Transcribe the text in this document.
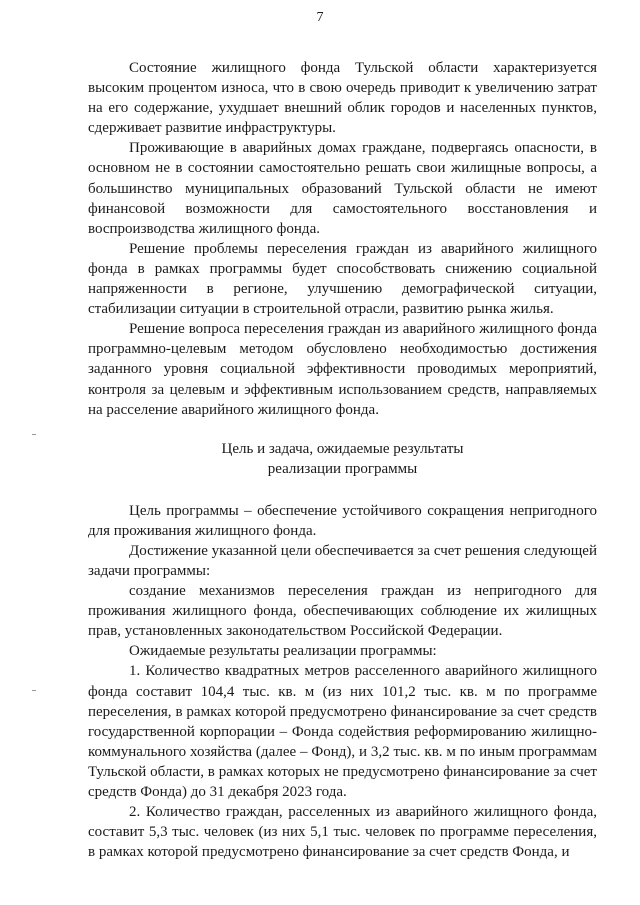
7

Состояние жилищного фонда Тульской области характеризуется высоким процентом износа, что в свою очередь приводит к увеличению затрат на его содержание, ухудшает внешний облик городов и населенных пунктов, сдерживает развитие инфраструктуры.

Проживающие в аварийных домах граждане, подвергаясь опасности, в основном не в состоянии самостоятельно решать свои жилищные вопросы, а большинство муниципальных образований Тульской области не имеют финансовой возможности для самостоятельного восстановления и воспроизводства жилищного фонда.

Решение проблемы переселения граждан из аварийного жилищного фонда в рамках программы будет способствовать снижению социальной напряженности в регионе, улучшению демографической ситуации, стабилизации ситуации в строительной отрасли, развитию рынка жилья.

Решение вопроса переселения граждан из аварийного жилищного фонда программно-целевым методом обусловлено необходимостью достижения заданного уровня социальной эффективности проводимых мероприятий, контроля за целевым и эффективным использованием средств, направляемых на расселение аварийного жилищного фонда.

Цель и задача, ожидаемые результаты
реализации программы

Цель программы – обеспечение устойчивого сокращения непригодного для проживания жилищного фонда.

Достижение указанной цели обеспечивается за счет решения следующей задачи программы:

создание механизмов переселения граждан из непригодного для проживания жилищного фонда, обеспечивающих соблюдение их жилищных прав, установленных законодательством Российской Федерации.

Ожидаемые результаты реализации программы:

1. Количество квадратных метров расселенного аварийного жилищного фонда составит 104,4 тыс. кв. м (из них 101,2 тыс. кв. м по программе переселения, в рамках которой предусмотрено финансирование за счет средств государственной корпорации – Фонда содействия реформированию жилищно-коммунального хозяйства (далее – Фонд), и 3,2 тыс. кв. м по иным программам Тульской области, в рамках которых не предусмотрено финансирование за счет средств Фонда) до 31 декабря 2023 года.

2. Количество граждан, расселенных из аварийного жилищного фонда, составит 5,3 тыс. человек (из них 5,1 тыс. человек по программе переселения, в рамках которой предусмотрено финансирование за счет средств Фонда, и
